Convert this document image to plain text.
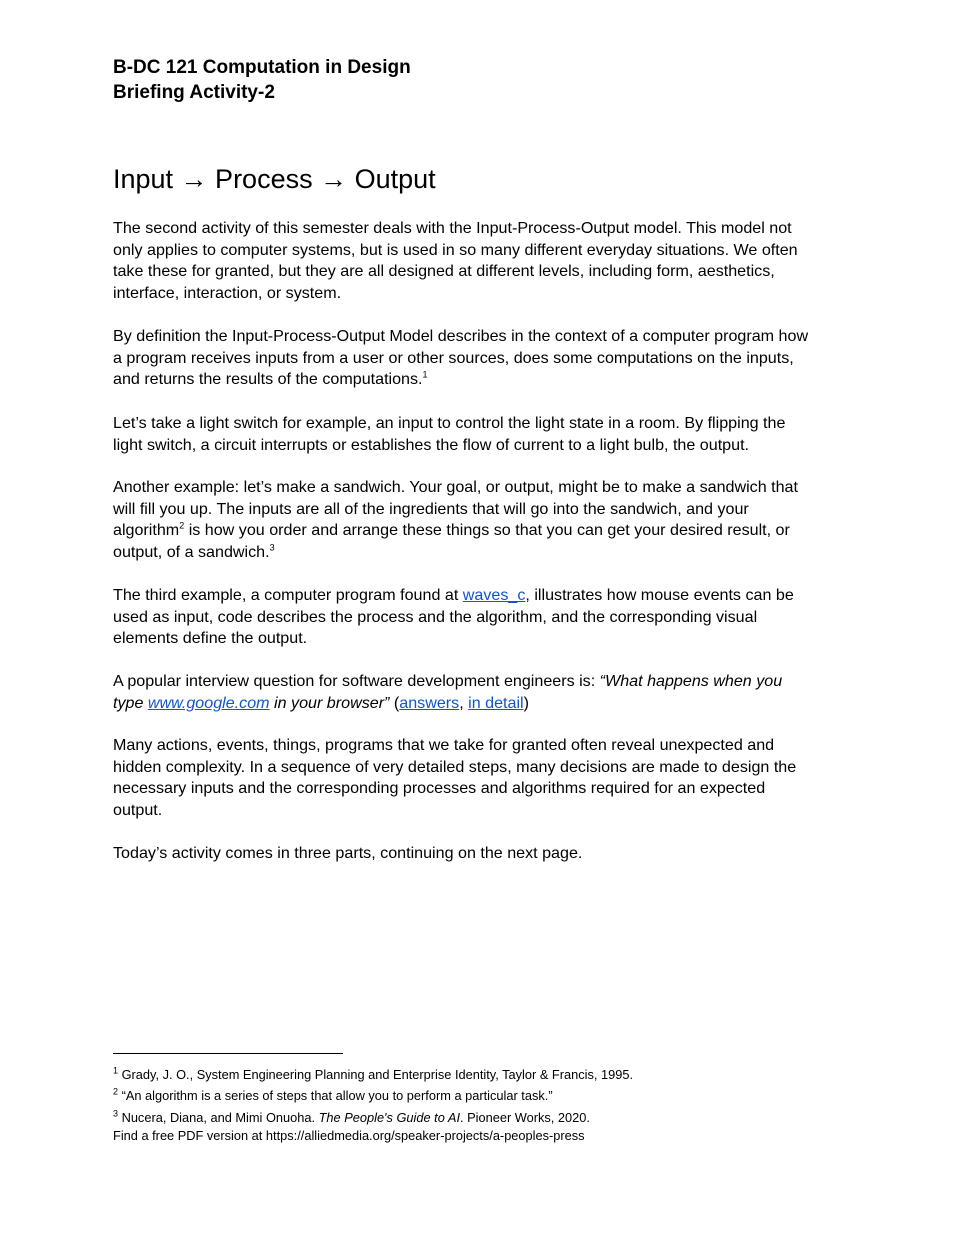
B-DC 121 Computation in Design
Briefing Activity-2
Input → Process → Output
The second activity of this semester deals with the Input-Process-Output model. This model not only applies to computer systems, but is used in so many different everyday situations. We often take these for granted, but they are all designed at different levels, including form, aesthetics, interface, interaction, or system.
By definition the Input-Process-Output Model describes in the context of a computer program how a program receives inputs from a user or other sources, does some computations on the inputs, and returns the results of the computations.$^1$
Let’s take a light switch for example, an input to control the light state in a room. By flipping the light switch, a circuit interrupts or establishes the flow of current to a light bulb, the output.
Another example: let’s make a sandwich. Your goal, or output, might be to make a sandwich that will fill you up. The inputs are all of the ingredients that will go into the sandwich, and your algorithm$^2$ is how you order and arrange these things so that you can get your desired result, or output, of a sandwich.$^3$
The third example, a computer program found at waves_c, illustrates how mouse events can be used as input, code describes the process and the algorithm, and the corresponding visual elements define the output.
A popular interview question for software development engineers is: “What happens when you type www.google.com in your browser” (answers, in detail)
Many actions, events, things, programs that we take for granted often reveal unexpected and hidden complexity. In a sequence of very detailed steps, many decisions are made to design the necessary inputs and the corresponding processes and algorithms required for an expected output.
Today’s activity comes in three parts, continuing on the next page.
$^1$ Grady, J. O., System Engineering Planning and Enterprise Identity, Taylor & Francis, 1995.
$^2$ “An algorithm is a series of steps that allow you to perform a particular task.”
$^3$ Nucera, Diana, and Mimi Onuoha. The People's Guide to AI. Pioneer Works, 2020.
Find a free PDF version at https://alliedmedia.org/speaker-projects/a-peoples-press
